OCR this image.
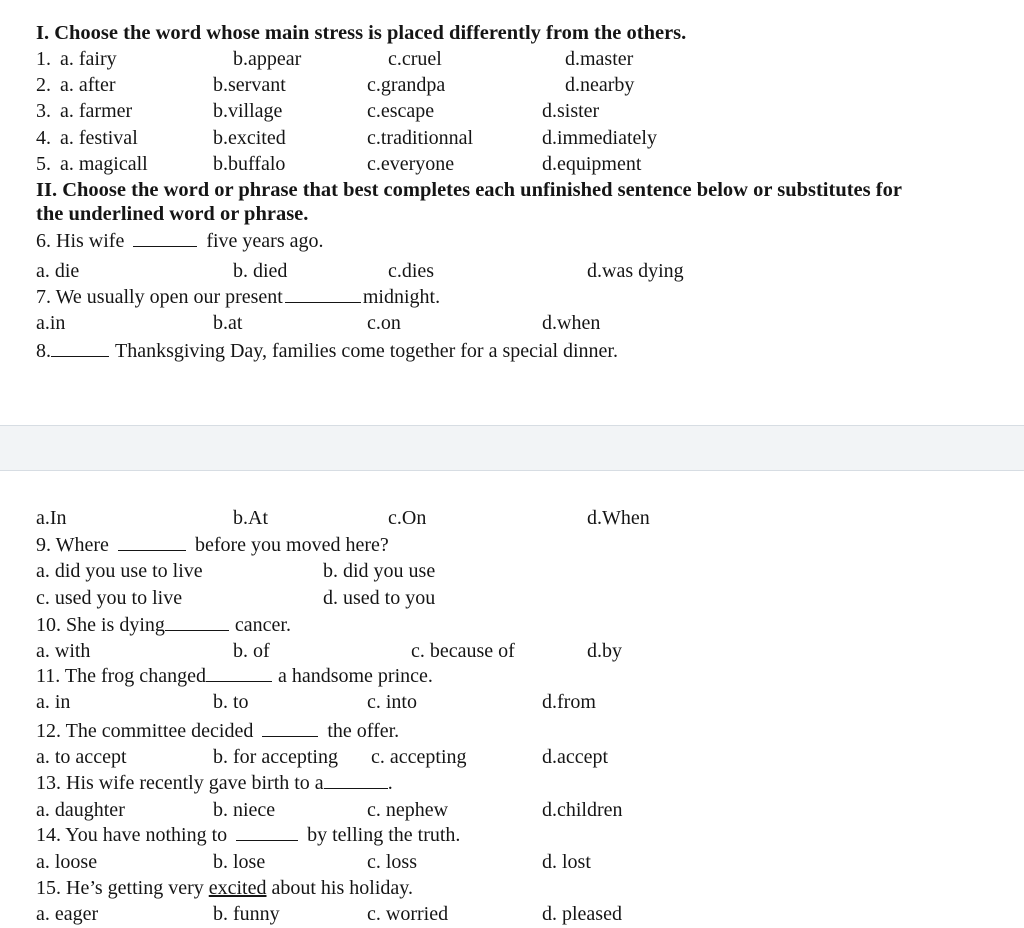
I. Choose the word whose main stress is placed differently from the others.
1. a. fairy	b.appear	c.cruel	d.master
2. a. after	b.servant	c.grandpa	d.nearby
3. a. farmer	b.village	c.escape	d.sister
4. a. festival	b.excited	c.traditionnal	d.immediately
5. a. magicall	b.buffalo	c.everyone	d.equipment
II. Choose the word or phrase that best completes each unfinished sentence below or substitutes for
the underlined word or phrase.
6. His wife	five years ago.
a. die	b. died	c.dies	d.was dying
7. We usually open our present	midnight.
a.in	b.at	c.on	d.when
8.	Thanksgiving Day, families come together for a special dinner.
a.In	b.At	c.On	d.When
9. Where	before you moved here?
a. did you use to live	b. did you use
c. used you to live	d. used to you
10. She is dying	cancer.
a. with	b. of	c. because of	d.by
11. The frog changed	a handsome prince.
a. in	b. to	c. into	d.from
12. The committee decided	the offer.
a. to accept	b. for accepting c. accepting	d.accept
13. His wife recently gave birth to a	.
a. daughter	b. niece	c. nephew	d.children
14. You have nothing to	by telling the truth.
a. loose	b. lose	c. loss	d. lost
15. He’s getting very excited about his holiday.
a. eager	b. funny	c. worried	d. pleased
